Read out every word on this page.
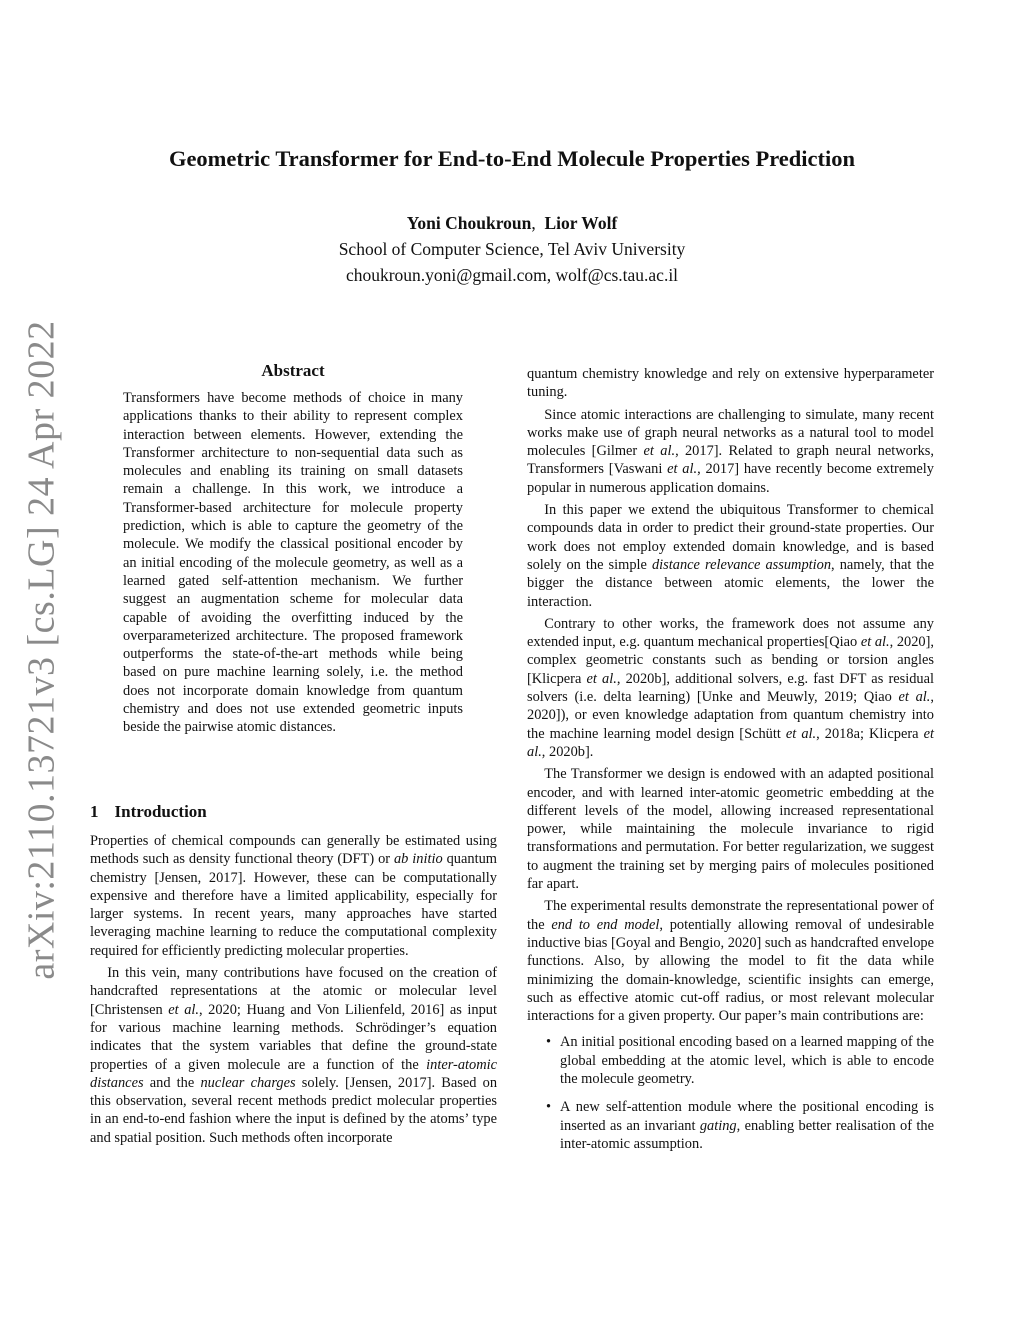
arXiv:2110.13721v3 [cs.LG] 24 Apr 2022
Geometric Transformer for End-to-End Molecule Properties Prediction
Yoni Choukroun, Lior Wolf
School of Computer Science, Tel Aviv University
choukroun.yoni@gmail.com, wolf@cs.tau.ac.il
Abstract

Transformers have become methods of choice in many applications thanks to their ability to represent complex interaction between elements. However, extending the Transformer architecture to non-sequential data such as molecules and enabling its training on small datasets remain a challenge. In this work, we introduce a Transformer-based architecture for molecule property prediction, which is able to capture the geometry of the molecule. We modify the classical positional encoder by an initial encoding of the molecule geometry, as well as a learned gated self-attention mechanism. We further suggest an augmentation scheme for molecular data capable of avoiding the overfitting induced by the overparameterized architecture. The proposed framework outperforms the state-of-the-art methods while being based on pure machine learning solely, i.e. the method does not incorporate domain knowledge from quantum chemistry and does not use extended geometric inputs beside the pairwise atomic distances.

1 Introduction

Properties of chemical compounds can generally be estimated using methods such as density functional theory (DFT) or ab initio quantum chemistry [Jensen, 2017]. However, these can be computationally expensive and therefore have a limited applicability, especially for larger systems. In recent years, many approaches have started leveraging machine learning to reduce the computational complexity required for efficiently predicting molecular properties.

In this vein, many contributions have focused on the creation of handcrafted representations at the atomic or molecular level [Christensen et al., 2020; Huang and Von Lilienfeld, 2016] as input for various machine learning methods. Schrödinger’s equation indicates that the system variables that define the ground-state properties of a given molecule are a function of the inter-atomic distances and the nuclear charges solely. [Jensen, 2017]. Based on this observation, several recent methods predict molecular properties in an end-to-end fashion where the input is defined by the atoms’ type and spatial position. Such methods often incorporate

quantum chemistry knowledge and rely on extensive hyperparameter tuning.

Since atomic interactions are challenging to simulate, many recent works make use of graph neural networks as a natural tool to model molecules [Gilmer et al., 2017]. Related to graph neural networks, Transformers [Vaswani et al., 2017] have recently become extremely popular in numerous application domains.

In this paper we extend the ubiquitous Transformer to chemical compounds data in order to predict their ground-state properties. Our work does not employ extended domain knowledge, and is based solely on the simple distance relevance assumption, namely, that the bigger the distance between atomic elements, the lower the interaction.

Contrary to other works, the framework does not assume any extended input, e.g. quantum mechanical properties[Qiao et al., 2020], complex geometric constants such as bending or torsion angles [Klicpera et al., 2020b], additional solvers, e.g. fast DFT as residual solvers (i.e. delta learning) [Unke and Meuwly, 2019; Qiao et al., 2020]), or even knowledge adaptation from quantum chemistry into the machine learning model design [Schütt et al., 2018a; Klicpera et al., 2020b].

The Transformer we design is endowed with an adapted positional encoder, and with learned inter-atomic geometric embedding at the different levels of the model, allowing increased representational power, while maintaining the molecule invariance to rigid transformations and permutation. For better regularization, we suggest to augment the training set by merging pairs of molecules positioned far apart.

The experimental results demonstrate the representational power of the end to end model, potentially allowing removal of undesirable inductive bias [Goyal and Bengio, 2020] such as handcrafted envelope functions. Also, by allowing the model to fit the data while minimizing the domain-knowledge, scientific insights can emerge, such as effective atomic cut-off radius, or most relevant molecular interactions for a given property. Our paper’s main contributions are:

• An initial positional encoding based on a learned mapping of the global embedding at the atomic level, which is able to encode the molecule geometry.
• A new self-attention module where the positional encoding is inserted as an invariant gating, enabling better realisation of the inter-atomic assumption.
